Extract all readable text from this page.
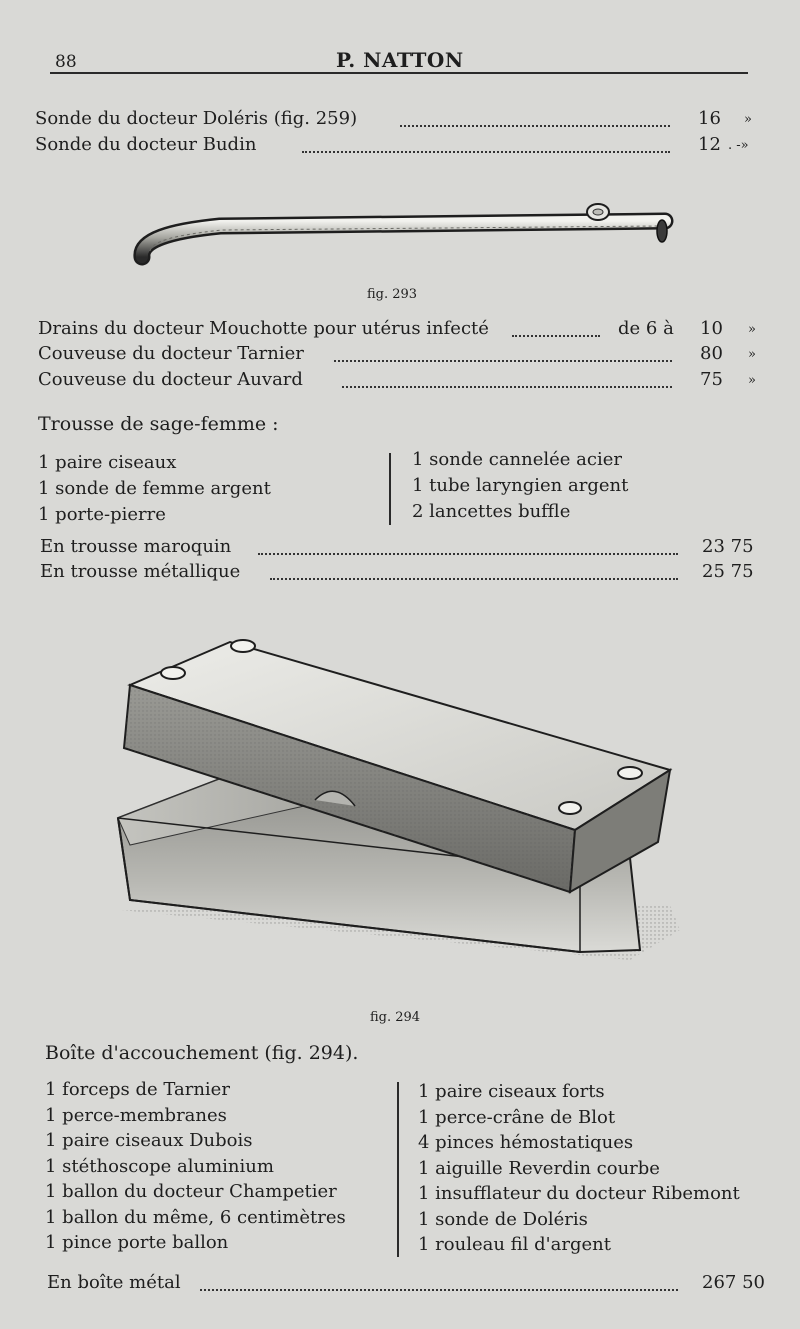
88	P. NATTON
Sonde du docteur Doléris (fig. 259)	16 »
Sonde du docteur Budin	12 . -»
fig. 293
Drains du docteur Mouchotte pour utérus infecté	de 6 à 10 »
Couveuse du docteur Tarnier	80 »
Couveuse du docteur Auvard	75 »
Trousse de sage-femme :
1 paire ciseaux
1 sonde de femme argent
1 porte-pierre
1 sonde cannelée acier
1 tube laryngien argent
2 lancettes buffle
En trousse maroquin	23 75
En trousse métallique	25 75
fig. 294
Boîte d'accouchement (fig. 294).
1 forceps de Tarnier
1 perce-membranes
1 paire ciseaux Dubois
1 stéthoscope aluminium
1 ballon du docteur Champetier
1 ballon du même, 6 centimètres
1 pince porte ballon
1 paire ciseaux forts
1 perce-crâne de Blot
4 pinces hémostatiques
1 aiguille Reverdin courbe
1 insufflateur du docteur Ribemont
1 sonde de Doléris
1 rouleau fil d'argent
En boîte métal	267 50
